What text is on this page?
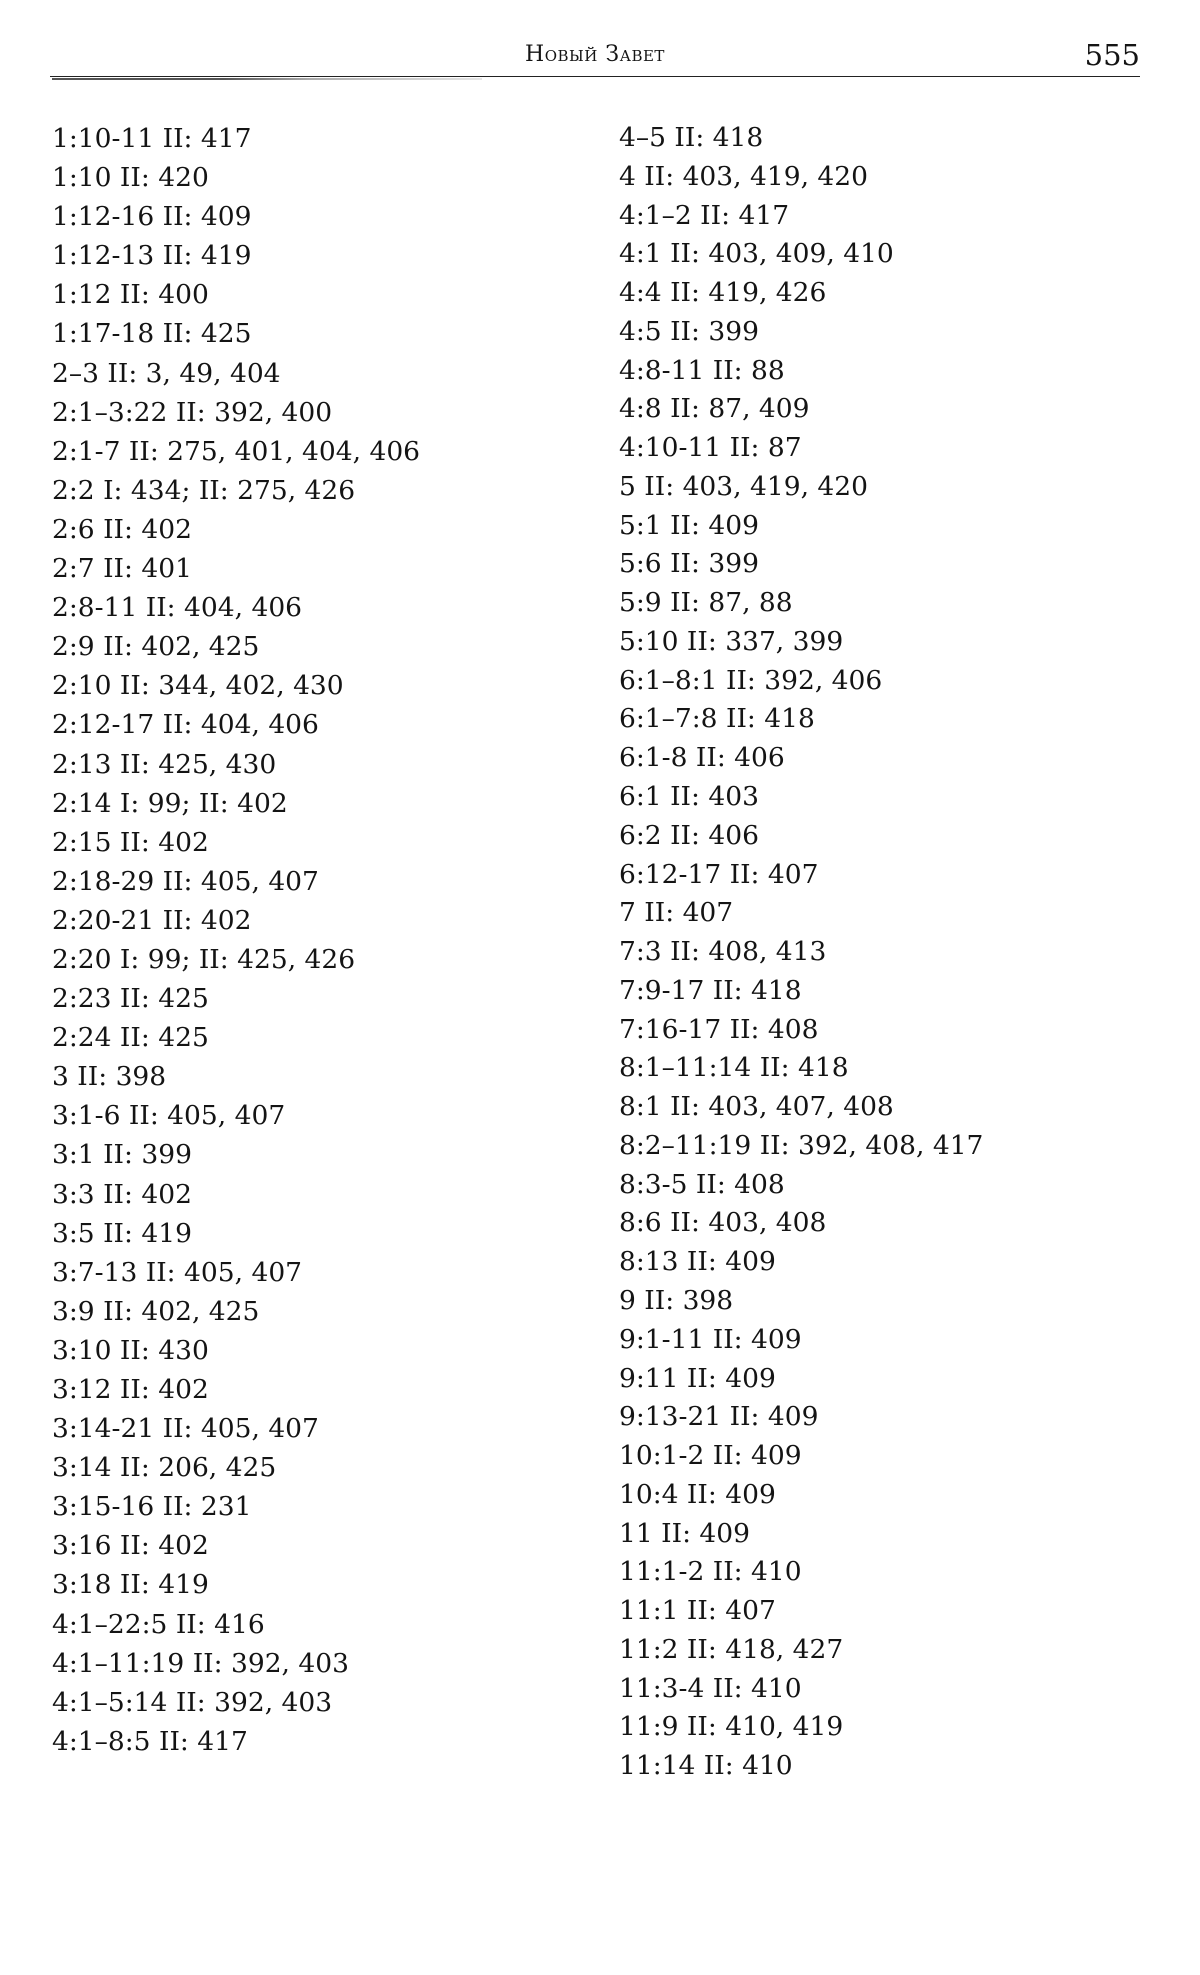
Новый Завет	555
1:10-11 II: 417
1:10 II: 420
1:12-16 II: 409
1:12-13 II: 419
1:12 II: 400
1:17-18 II: 425
2–3 II: 3, 49, 404
2:1–3:22 II: 392, 400
2:1-7 II: 275, 401, 404, 406
2:2 I: 434; II: 275, 426
2:6 II: 402
2:7 II: 401
2:8-11 II: 404, 406
2:9 II: 402, 425
2:10 II: 344, 402, 430
2:12-17 II: 404, 406
2:13 II: 425, 430
2:14 I: 99; II: 402
2:15 II: 402
2:18-29 II: 405, 407
2:20-21 II: 402
2:20 I: 99; II: 425, 426
2:23 II: 425
2:24 II: 425
3 II: 398
3:1-6 II: 405, 407
3:1 II: 399
3:3 II: 402
3:5 II: 419
3:7-13 II: 405, 407
3:9 II: 402, 425
3:10 II: 430
3:12 II: 402
3:14-21 II: 405, 407
3:14 II: 206, 425
3:15-16 II: 231
3:16 II: 402
3:18 II: 419
4:1–22:5 II: 416
4:1–11:19 II: 392, 403
4:1–5:14 II: 392, 403
4:1–8:5 II: 417
4–5 II: 418
4 II: 403, 419, 420
4:1–2 II: 417
4:1 II: 403, 409, 410
4:4 II: 419, 426
4:5 II: 399
4:8-11 II: 88
4:8 II: 87, 409
4:10-11 II: 87
5 II: 403, 419, 420
5:1 II: 409
5:6 II: 399
5:9 II: 87, 88
5:10 II: 337, 399
6:1–8:1 II: 392, 406
6:1–7:8 II: 418
6:1-8 II: 406
6:1 II: 403
6:2 II: 406
6:12-17 II: 407
7 II: 407
7:3 II: 408, 413
7:9-17 II: 418
7:16-17 II: 408
8:1–11:14 II: 418
8:1 II: 403, 407, 408
8:2–11:19 II: 392, 408, 417
8:3-5 II: 408
8:6 II: 403, 408
8:13 II: 409
9 II: 398
9:1-11 II: 409
9:11 II: 409
9:13-21 II: 409
10:1-2 II: 409
10:4 II: 409
11 II: 409
11:1-2 II: 410
11:1 II: 407
11:2 II: 418, 427
11:3-4 II: 410
11:9 II: 410, 419
11:14 II: 410
